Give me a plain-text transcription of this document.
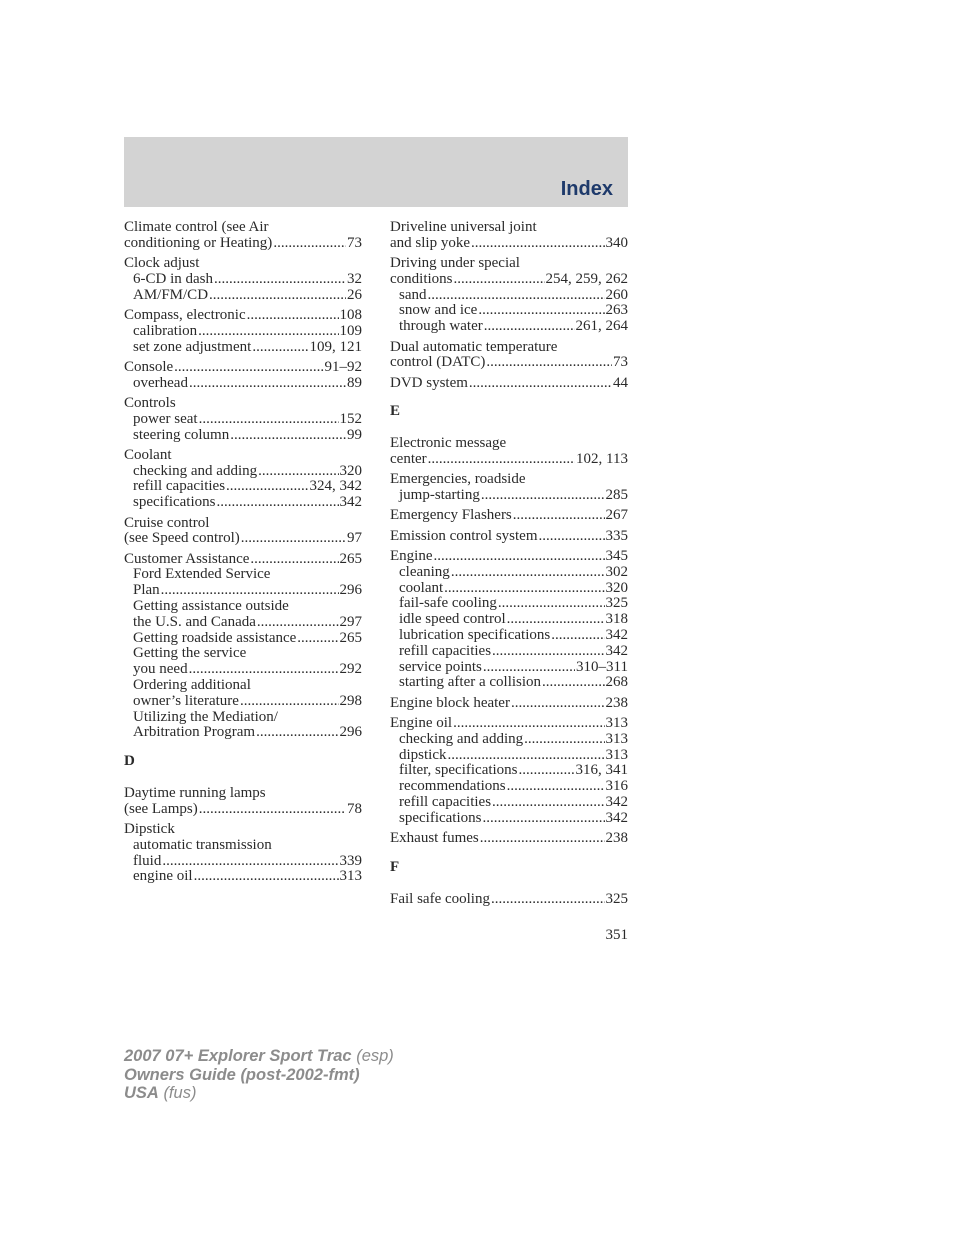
Index
Climate control (see Air
conditioning or Heating) .....	73
Clock adjust
6-CD in dash .....	32
AM/FM/CD .....	26
Compass, electronic .....	108
calibration .....	109
set zone adjustment .....	109, 121
Console .....	91–92
overhead .....	89
Controls
power seat .....	152
steering column .....	99
Coolant
checking and adding .....	320
refill capacities .....	324, 342
specifications .....	342
Cruise control
(see Speed control) .....	97
Customer Assistance .....	265
Ford Extended Service
Plan .....	296
Getting assistance outside
the U.S. and Canada .....	297
Getting roadside assistance .....	265
Getting the service
you need .....	292
Ordering additional
owner’s literature .....	298
Utilizing the Mediation/
Arbitration Program .....	296
D
Daytime running lamps
(see Lamps) .....	78
Dipstick
automatic transmission
fluid .....	339
engine oil .....	313
Driveline universal joint
and slip yoke .....	340
Driving under special
conditions .....	254, 259, 262
sand .....	260
snow and ice .....	263
through water .....	261, 264
Dual automatic temperature
control (DATC) .....	73
DVD system .....	44
E
Electronic message
center .....	102, 113
Emergencies, roadside
jump-starting .....	285
Emergency Flashers .....	267
Emission control system .....	335
Engine .....	345
cleaning .....	302
coolant .....	320
fail-safe cooling .....	325
idle speed control .....	318
lubrication specifications .....	342
refill capacities .....	342
service points .....	310–311
starting after a collision .....	268
Engine block heater .....	238
Engine oil .....	313
checking and adding .....	313
dipstick .....	313
filter, specifications .....	316, 341
recommendations .....	316
refill capacities .....	342
specifications .....	342
Exhaust fumes .....	238
F
Fail safe cooling .....	325
351
2007 07+ Explorer Sport Trac (esp)
Owners Guide (post-2002-fmt)
USA (fus)
